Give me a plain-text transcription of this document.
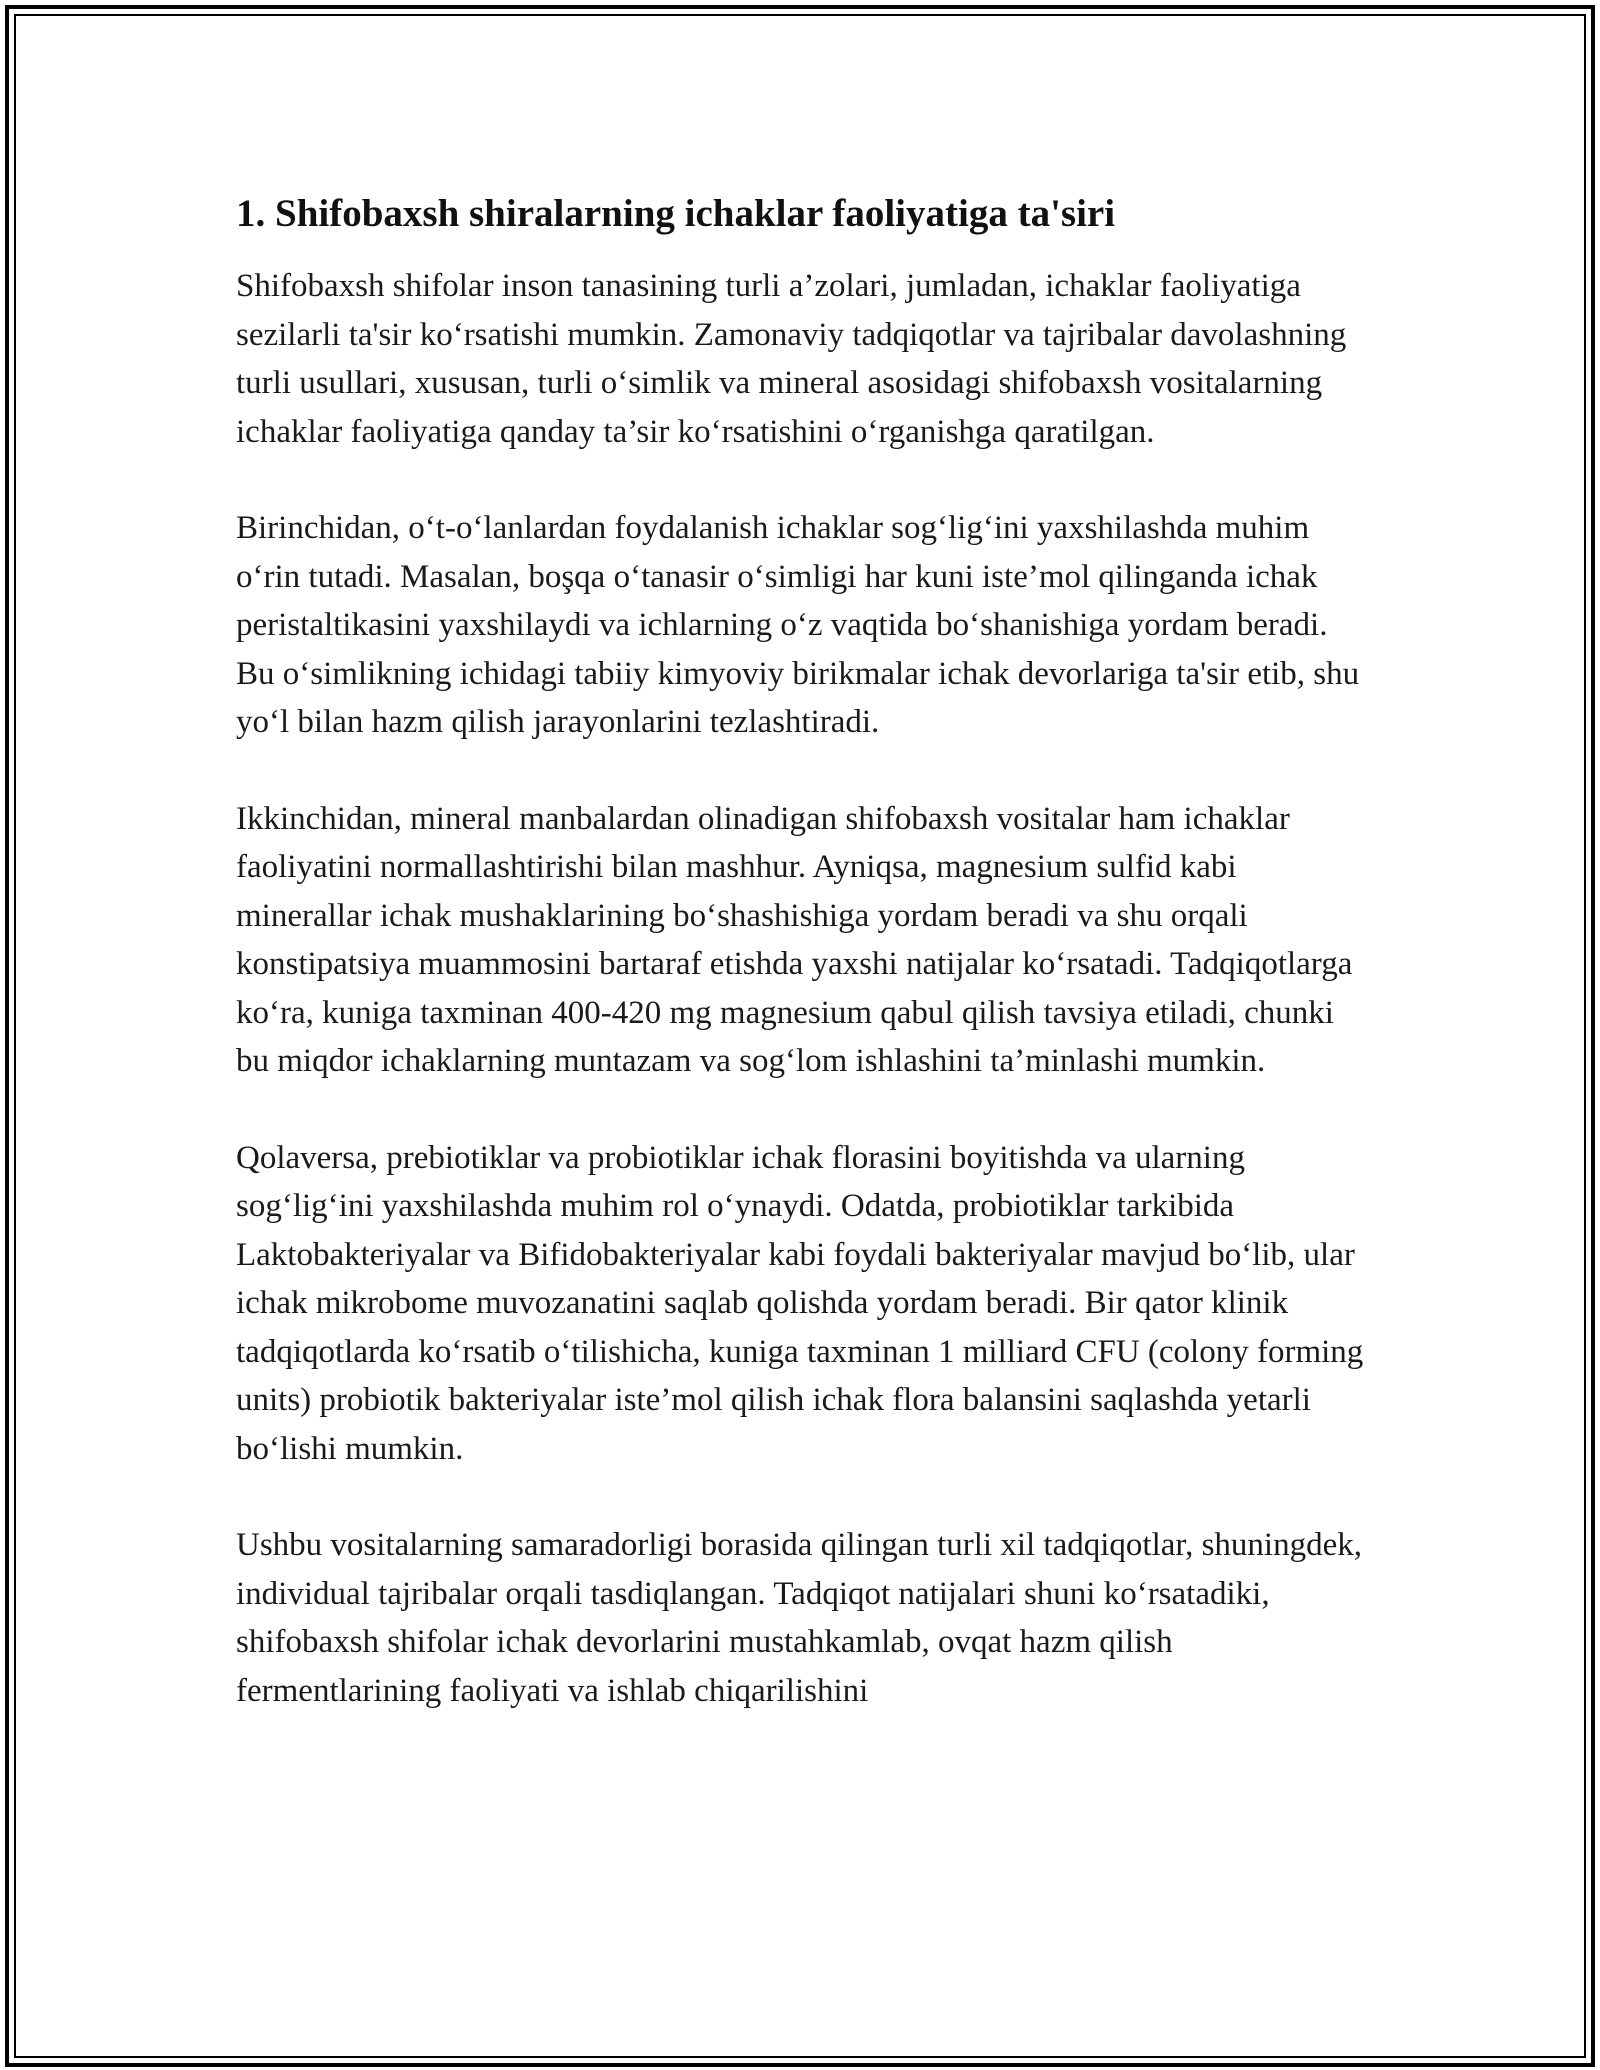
1. Shifobaxsh shiralarning ichaklar faoliyatiga ta'siri

Shifobaxsh shifolar inson tanasining turli a’zolari, jumladan, ichaklar faoliyatiga sezilarli ta'sir ko‘rsatishi mumkin. Zamonaviy tadqiqotlar va tajribalar davolashning turli usullari, xususan, turli o‘simlik va mineral asosidagi shifobaxsh vositalarning ichaklar faoliyatiga qanday ta’sir ko‘rsatishini o‘rganishga qaratilgan.

Birinchidan, o‘t-o‘lanlardan foydalanish ichaklar sog‘lig‘ini yaxshilashda muhim o‘rin tutadi. Masalan, boşqa o‘tanasir o‘simligi har kuni iste’mol qilinganda ichak peristaltikasini yaxshilaydi va ichlarning o‘z vaqtida bo‘shanishiga yordam beradi. Bu o‘simlikning ichidagi tabiiy kimyoviy birikmalar ichak devorlariga ta'sir etib, shu yo‘l bilan hazm qilish jarayonlarini tezlashtiradi.

Ikkinchidan, mineral manbalardan olinadigan shifobaxsh vositalar ham ichaklar faoliyatini normallashtirishi bilan mashhur. Ayniqsa, magnesium sulfid kabi minerallar ichak mushaklarining bo‘shashishiga yordam beradi va shu orqali konstipatsiya muammosini bartaraf etishda yaxshi natijalar ko‘rsatadi. Tadqiqotlarga ko‘ra, kuniga taxminan 400-420 mg magnesium qabul qilish tavsiya etiladi, chunki bu miqdor ichaklarning muntazam va sog‘lom ishlashini ta’minlashi mumkin.

Qolaversa, prebiotiklar va probiotiklar ichak florasini boyitishda va ularning sog‘lig‘ini yaxshilashda muhim rol o‘ynaydi. Odatda, probiotiklar tarkibida Laktobakteriyalar va Bifidobakteriyalar kabi foydali bakteriyalar mavjud bo‘lib, ular ichak mikrobome muvozanatini saqlab qolishda yordam beradi. Bir qator klinik tadqiqotlarda ko‘rsatib o‘tilishicha, kuniga taxminan 1 milliard CFU (colony forming units) probiotik bakteriyalar iste’mol qilish ichak flora balansini saqlashda yetarli bo‘lishi mumkin.

Ushbu vositalarning samaradorligi borasida qilingan turli xil tadqiqotlar, shuningdek, individual tajribalar orqali tasdiqlangan. Tadqiqot natijalari shuni ko‘rsatadiki, shifobaxsh shifolar ichak devorlarini mustahkamlab, ovqat hazm qilish fermentlarining faoliyati va ishlab chiqarilishini
